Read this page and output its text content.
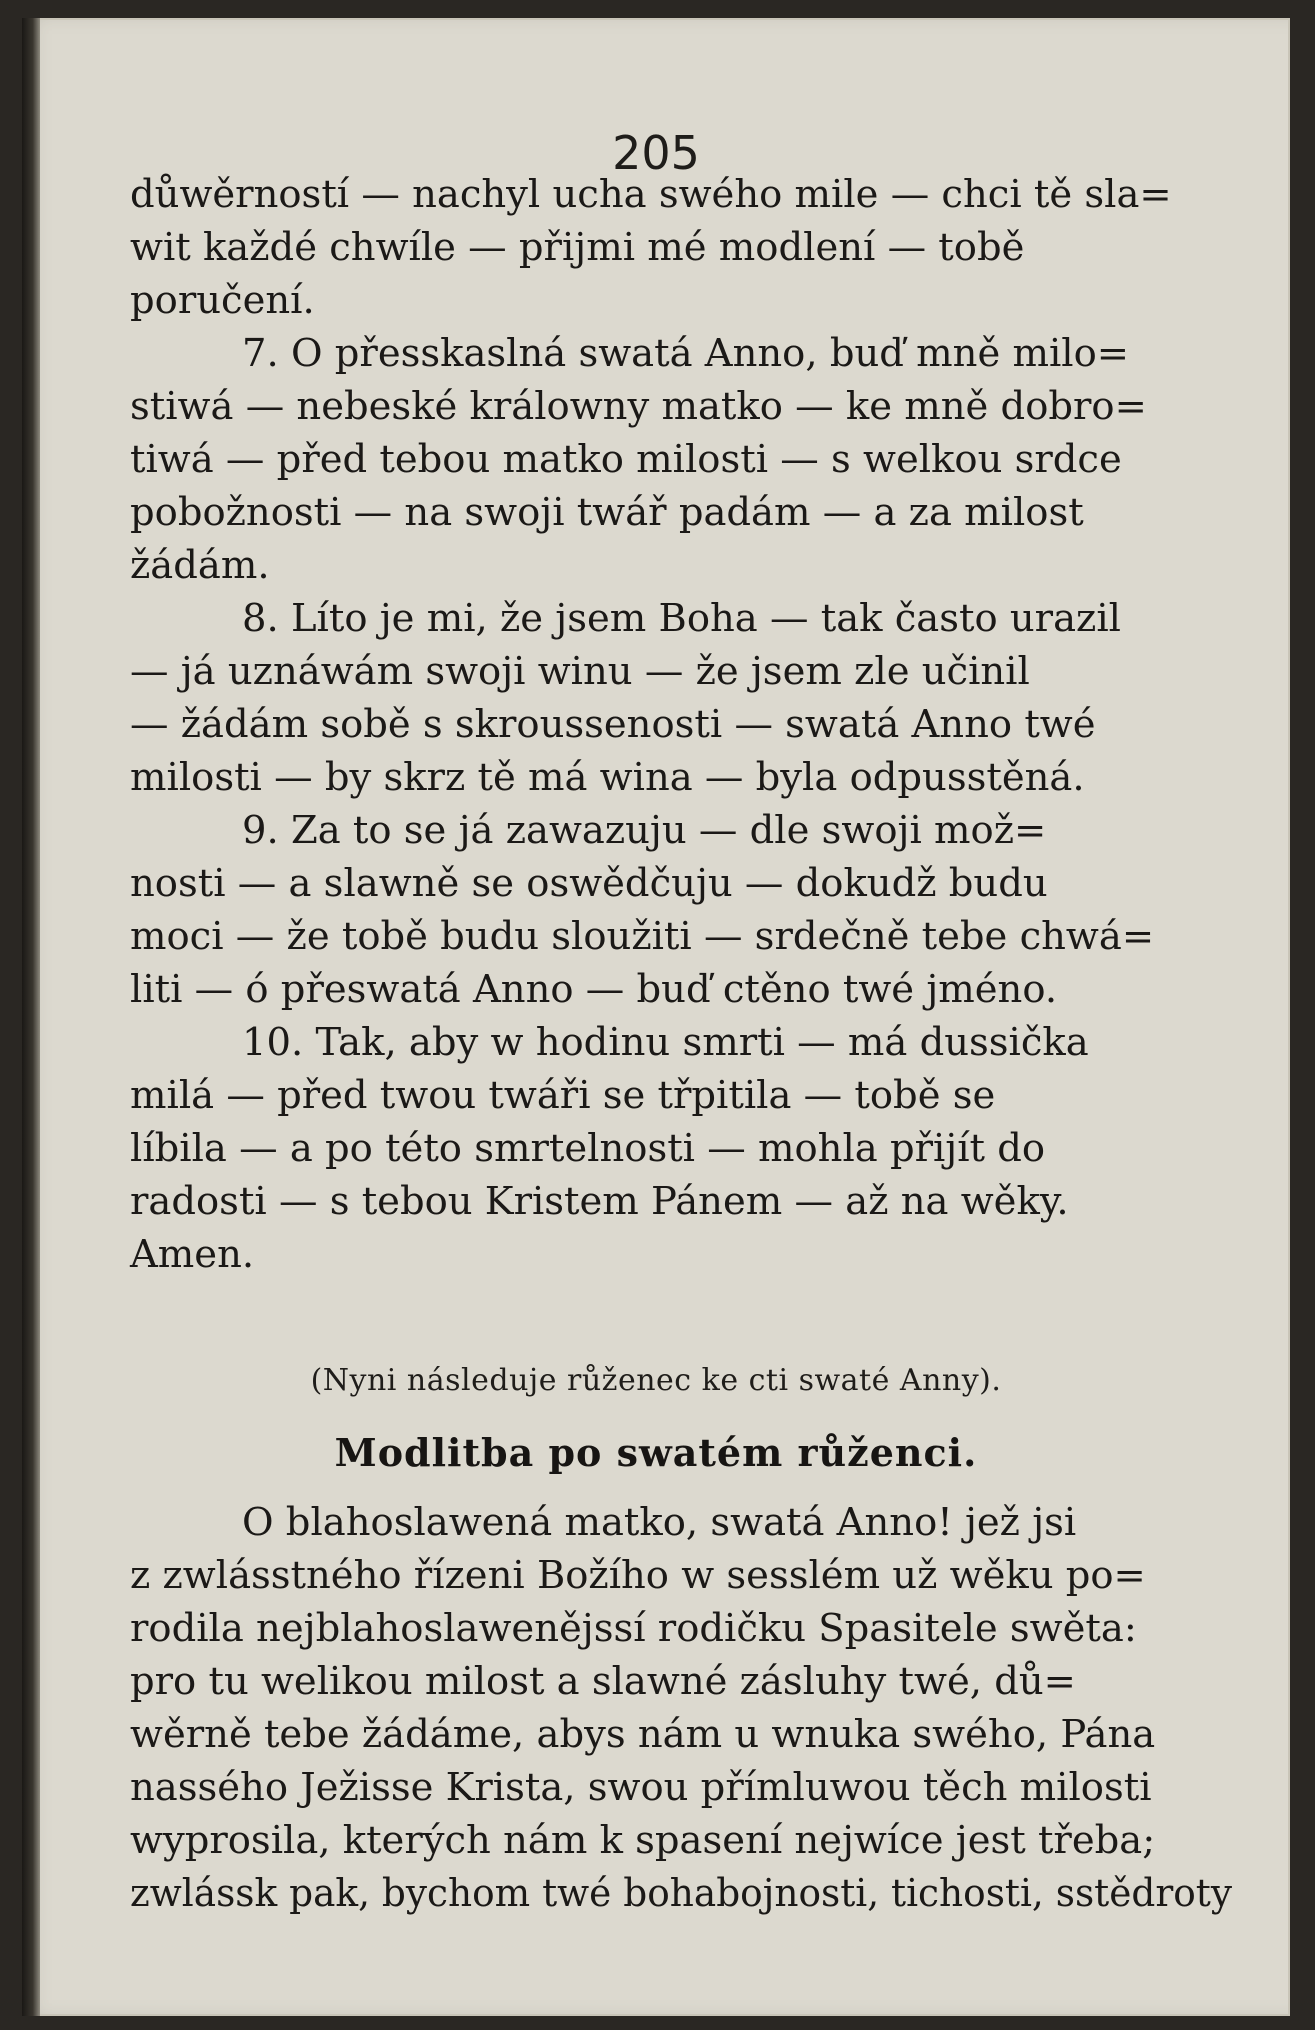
205
důwěrností — nachyl ucha swého mile — chci tě sla=
wit každé chwíle — přijmi mé modlení — tobě
poručení.
7. O přesskaslná swatá Anno, buď mně milo=
stiwá — nebeské králowny matko — ke mně dobro=
tiwá — před tebou matko milosti — s welkou srdce
pobožnosti — na swoji twář padám — a za milost
žádám.
8. Líto je mi, že jsem Boha — tak často urazil
— já uznáwám swoji winu — že jsem zle učinil
— žádám sobě s skroussenosti — swatá Anno twé
milosti — by skrz tě má wina — byla odpusstěná.
9. Za to se já zawazuju — dle swoji mož=
nosti — a slawně se oswědčuju — dokudž budu
moci — že tobě budu sloužiti — srdečně tebe chwá=
liti — ó přeswatá Anno — buď ctěno twé jméno.
10. Tak, aby w hodinu smrti — má dussička
milá — před twou twáři se třpitila — tobě se
líbila — a po této smrtelnosti — mohla přijít do
radosti — s tebou Kristem Pánem — až na wěky.
Amen.
(Nyni následuje růženec ke cti swaté Anny).
Modlitba po swatém růženci.
O blahoslawená matko, swatá Anno! jež jsi
z zwlásstného řízeni Božího w sesslém už wěku po=
rodila nejblahoslawenějssí rodičku Spasitele swěta:
pro tu welikou milost a slawné zásluhy twé, dů=
wěrně tebe žádáme, abys nám u wnuka swého, Pána
nassého Ježisse Krista, swou přímluwou těch milosti
wyprosila, kterých nám k spasení nejwíce jest třeba;
zwlássk pak, bychom twé bohabojnosti, tichosti, sstědroty
